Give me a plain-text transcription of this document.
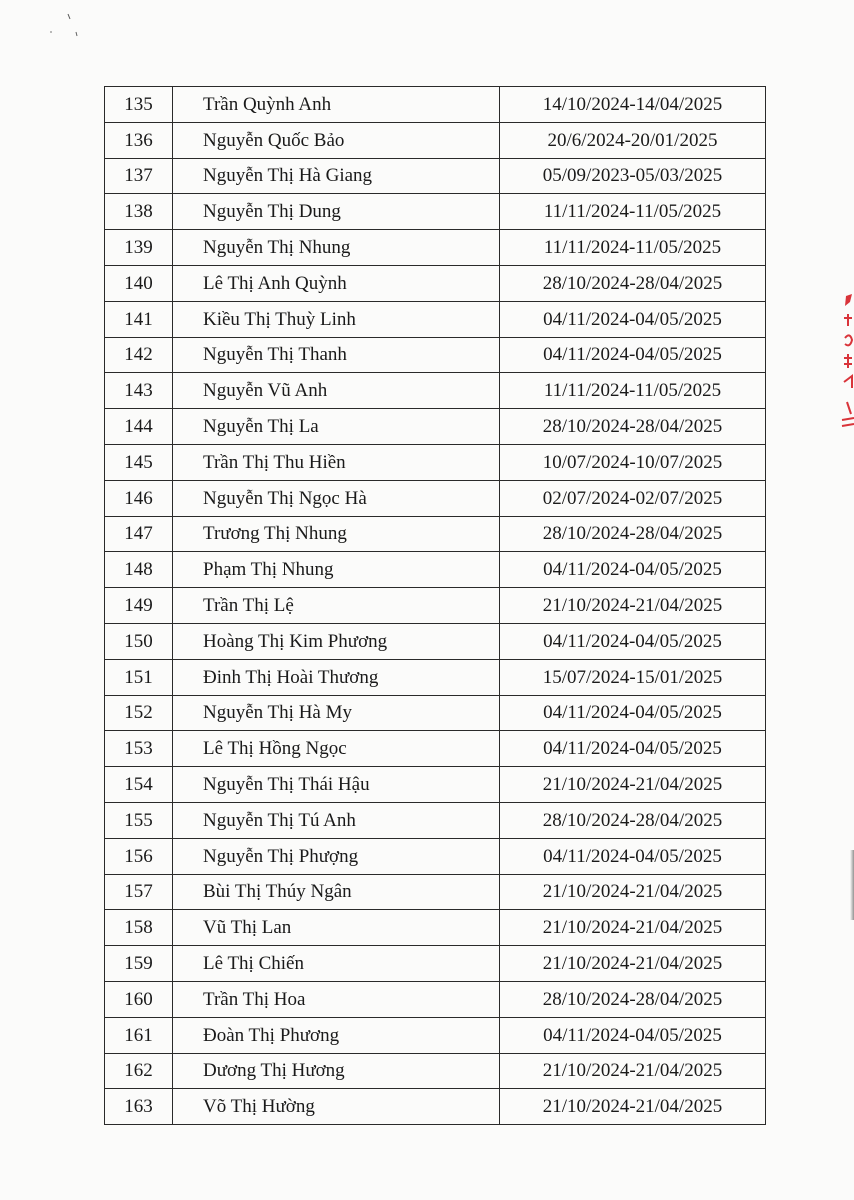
135	Trần Quỳnh Anh	14/10/2024-14/04/2025
136	Nguyễn Quốc Bảo	20/6/2024-20/01/2025
137	Nguyễn Thị Hà Giang	05/09/2023-05/03/2025
138	Nguyễn Thị Dung	11/11/2024-11/05/2025
139	Nguyễn Thị Nhung	11/11/2024-11/05/2025
140	Lê Thị Anh Quỳnh	28/10/2024-28/04/2025
141	Kiều Thị Thuỳ Linh	04/11/2024-04/05/2025
142	Nguyễn Thị Thanh	04/11/2024-04/05/2025
143	Nguyễn Vũ Anh	11/11/2024-11/05/2025
144	Nguyễn Thị La	28/10/2024-28/04/2025
145	Trần Thị Thu Hiền	10/07/2024-10/07/2025
146	Nguyễn Thị Ngọc Hà	02/07/2024-02/07/2025
147	Trương Thị Nhung	28/10/2024-28/04/2025
148	Phạm Thị Nhung	04/11/2024-04/05/2025
149	Trần Thị Lệ	21/10/2024-21/04/2025
150	Hoàng Thị Kim Phương	04/11/2024-04/05/2025
151	Đinh Thị Hoài Thương	15/07/2024-15/01/2025
152	Nguyễn Thị Hà My	04/11/2024-04/05/2025
153	Lê Thị Hồng Ngọc	04/11/2024-04/05/2025
154	Nguyễn Thị Thái Hậu	21/10/2024-21/04/2025
155	Nguyễn Thị Tú Anh	28/10/2024-28/04/2025
156	Nguyễn Thị Phượng	04/11/2024-04/05/2025
157	Bùi Thị Thúy Ngân	21/10/2024-21/04/2025
158	Vũ Thị Lan	21/10/2024-21/04/2025
159	Lê Thị Chiến	21/10/2024-21/04/2025
160	Trần Thị Hoa	28/10/2024-28/04/2025
161	Đoàn Thị Phương	04/11/2024-04/05/2025
162	Dương Thị Hương	21/10/2024-21/04/2025
163	Võ Thị Hường	21/10/2024-21/04/2025
